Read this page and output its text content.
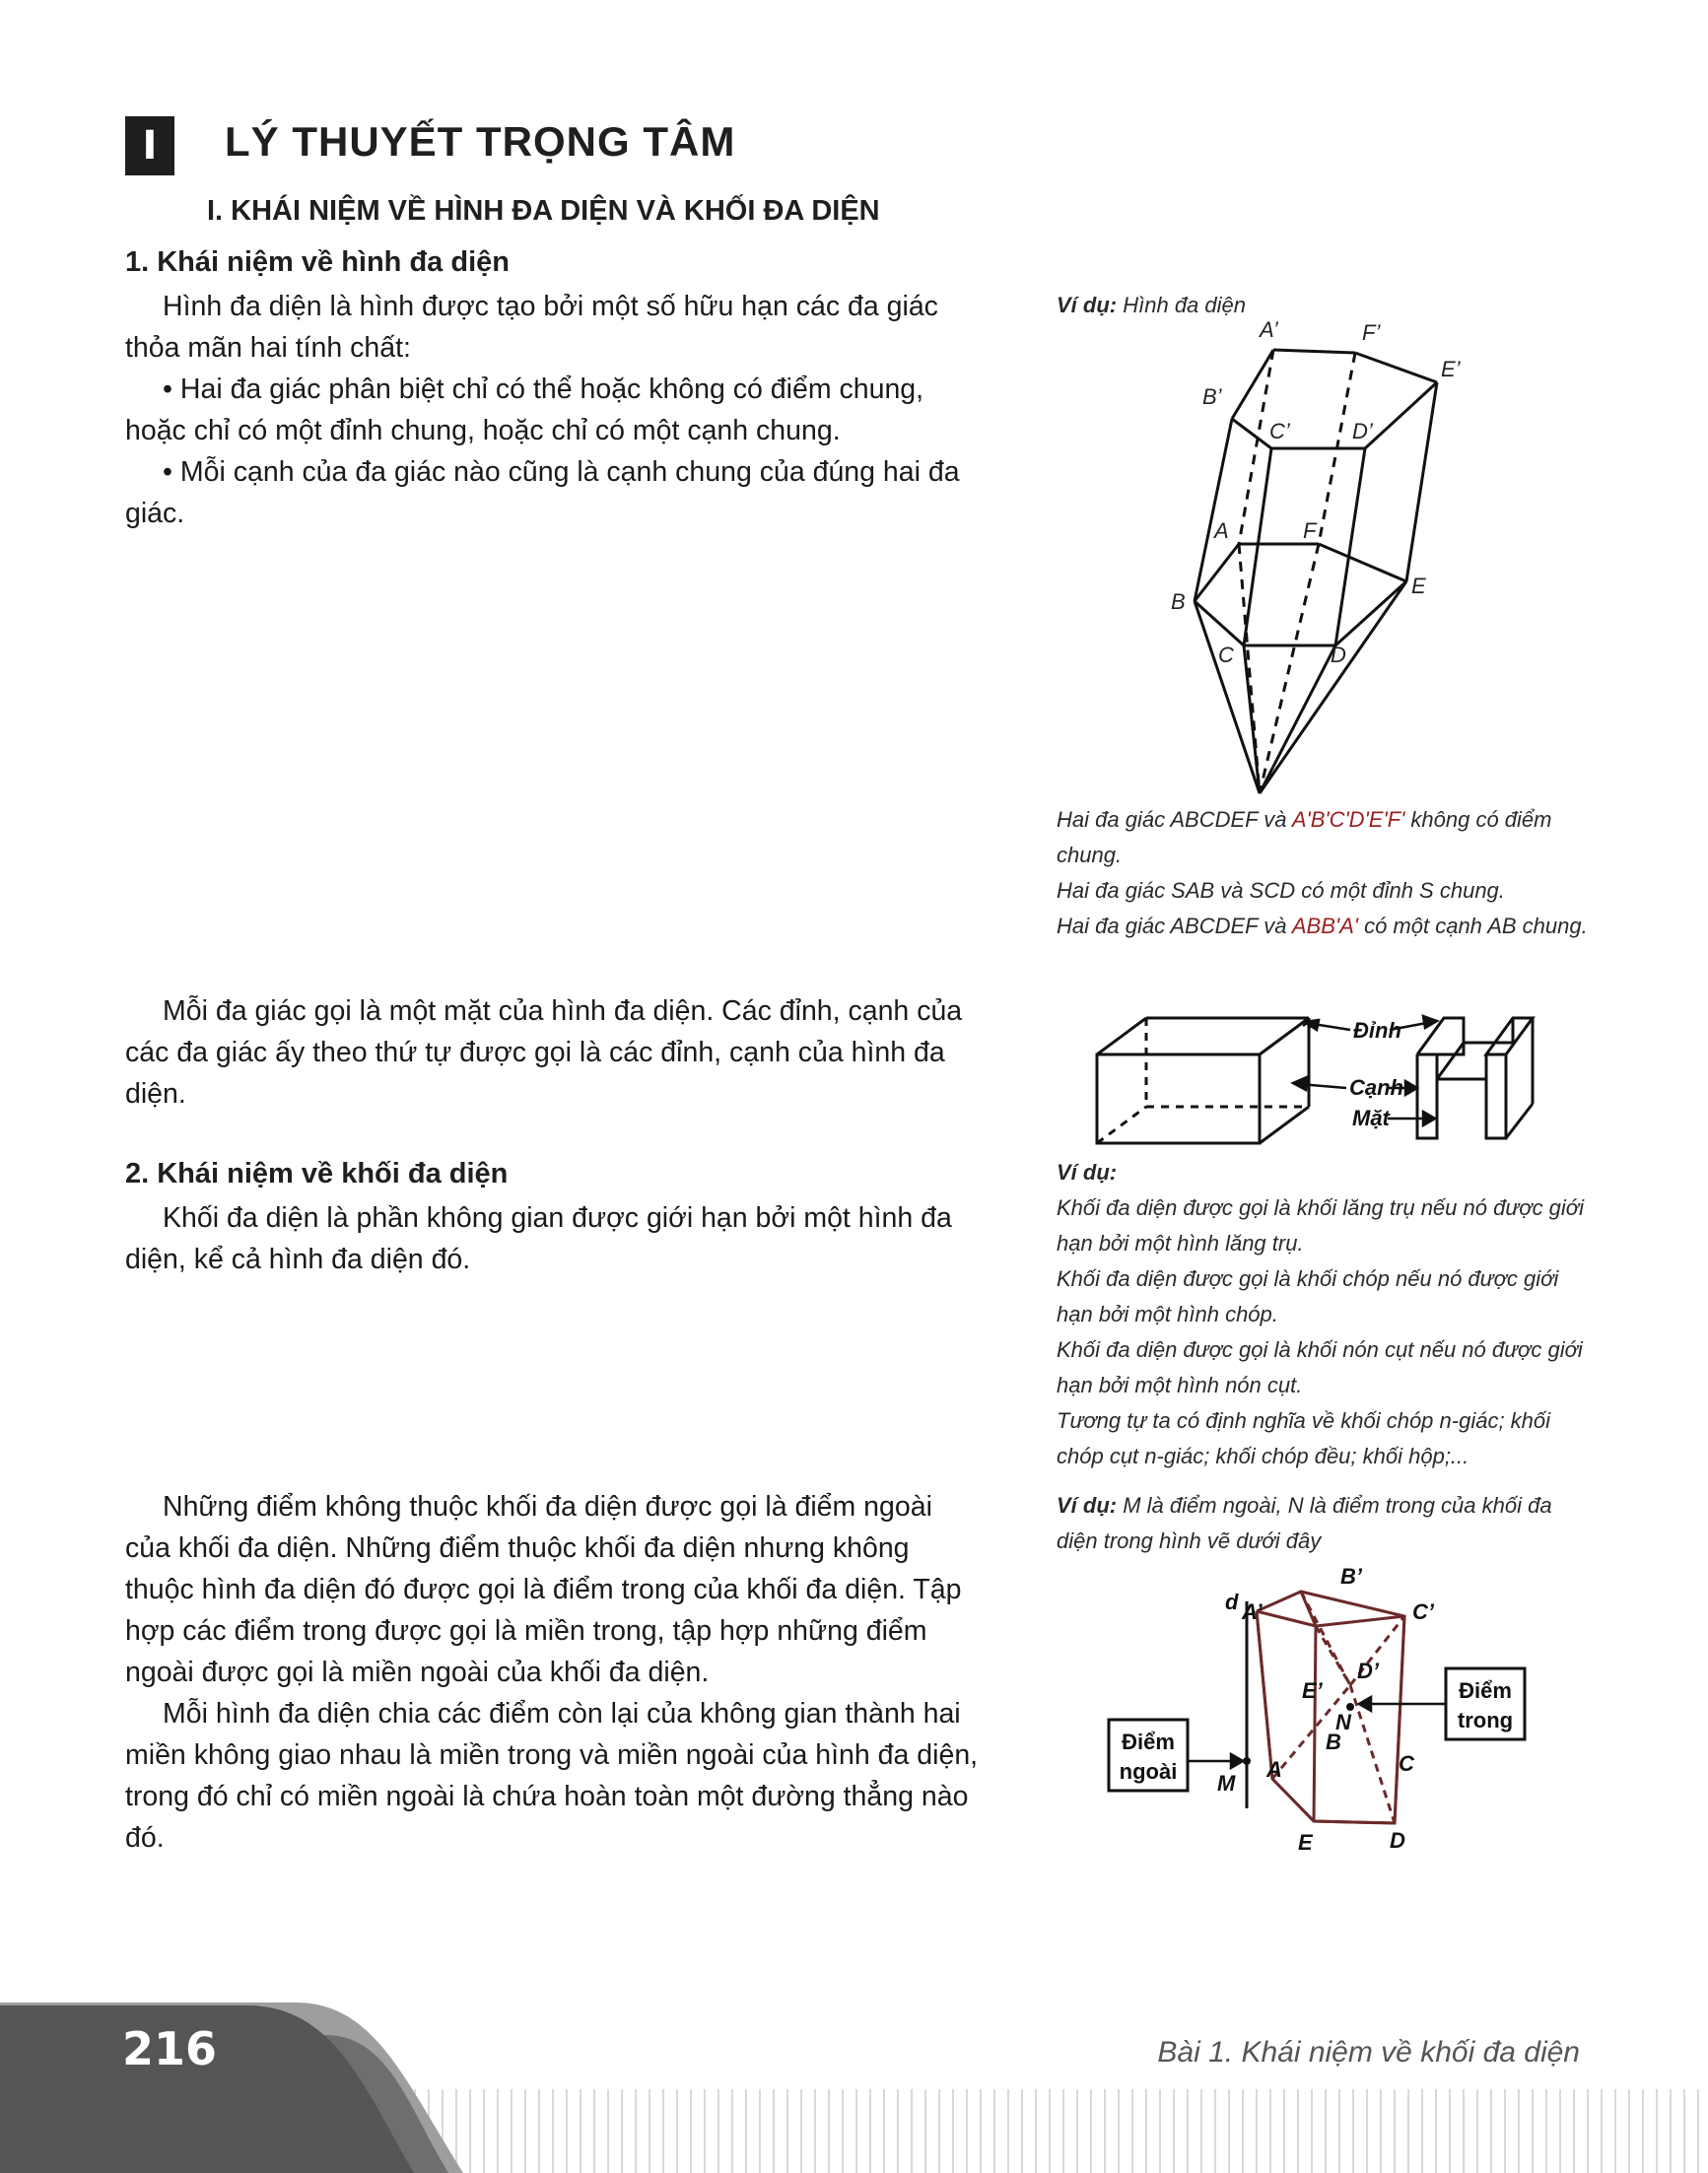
I	LÝ THUYẾT TRỌNG TÂM
I. KHÁI NIỆM VỀ HÌNH ĐA DIỆN VÀ KHỐI ĐA DIỆN
1. Khái niệm về hình đa diện

Hình đa diện là hình được tạo bởi một số hữu hạn các đa giác thỏa mãn hai tính chất:

• Hai đa giác phân biệt chỉ có thể hoặc không có điểm chung, hoặc chỉ có một đỉnh chung, hoặc chỉ có một cạnh chung.

• Mỗi cạnh của đa giác nào cũng là cạnh chung của đúng hai đa giác.

Mỗi đa giác gọi là một mặt của hình đa diện. Các đỉnh, cạnh của các đa giác ấy theo thứ tự được gọi là các đỉnh, cạnh của hình đa diện.

2. Khái niệm về khối đa diện

Khối đa diện là phần không gian được giới hạn bởi một hình đa diện, kể cả hình đa diện đó.

Những điểm không thuộc khối đa diện được gọi là điểm ngoài của khối đa diện. Những điểm thuộc khối đa diện nhưng không thuộc hình đa diện đó được gọi là điểm trong của khối đa diện. Tập hợp các điểm trong được gọi là miền trong, tập hợp những điểm ngoài được gọi là miền ngoài của khối đa diện.

Mỗi hình đa diện chia các điểm còn lại của không gian thành hai miền không giao nhau là miền trong và miền ngoài của hình đa diện, trong đó chỉ có miền ngoài là chứa hoàn toàn một đường thẳng nào đó.

Ví dụ: Hình đa diện
A’	F’
E’
B’
C’	D’
A	F
B
E
C	D

Hai đa giác ABCDEF và A'B'C'D'E'F' không có điểm chung.

Hai đa giác SAB và SCD có một đỉnh S chung.

Hai đa giác ABCDEF và ABB'A' có một cạnh AB chung.

Đỉnh
Cạnh
Mặt

Ví dụ:

Khối đa diện được gọi là khối lăng trụ nếu nó được giới hạn bởi một hình lăng trụ.

Khối đa diện được gọi là khối chóp nếu nó được giới hạn bởi một hình chóp.

Khối đa diện được gọi là khối nón cụt nếu nó được giới hạn bởi một hình nón cụt.

Tương tự ta có định nghĩa về khối chóp n-giác; khối chóp cụt n-giác; khối chóp đều; khối hộp;...

Ví dụ: M là điểm ngoài, N là điểm trong của khối đa diện trong hình vẽ dưới đây
Điểm
ngoài
Điểm
trong
d
M
N
A’
B’
C’
D’
E’
B
A	C
D
E
216	Bài 1. Khái niệm về khối đa diện
